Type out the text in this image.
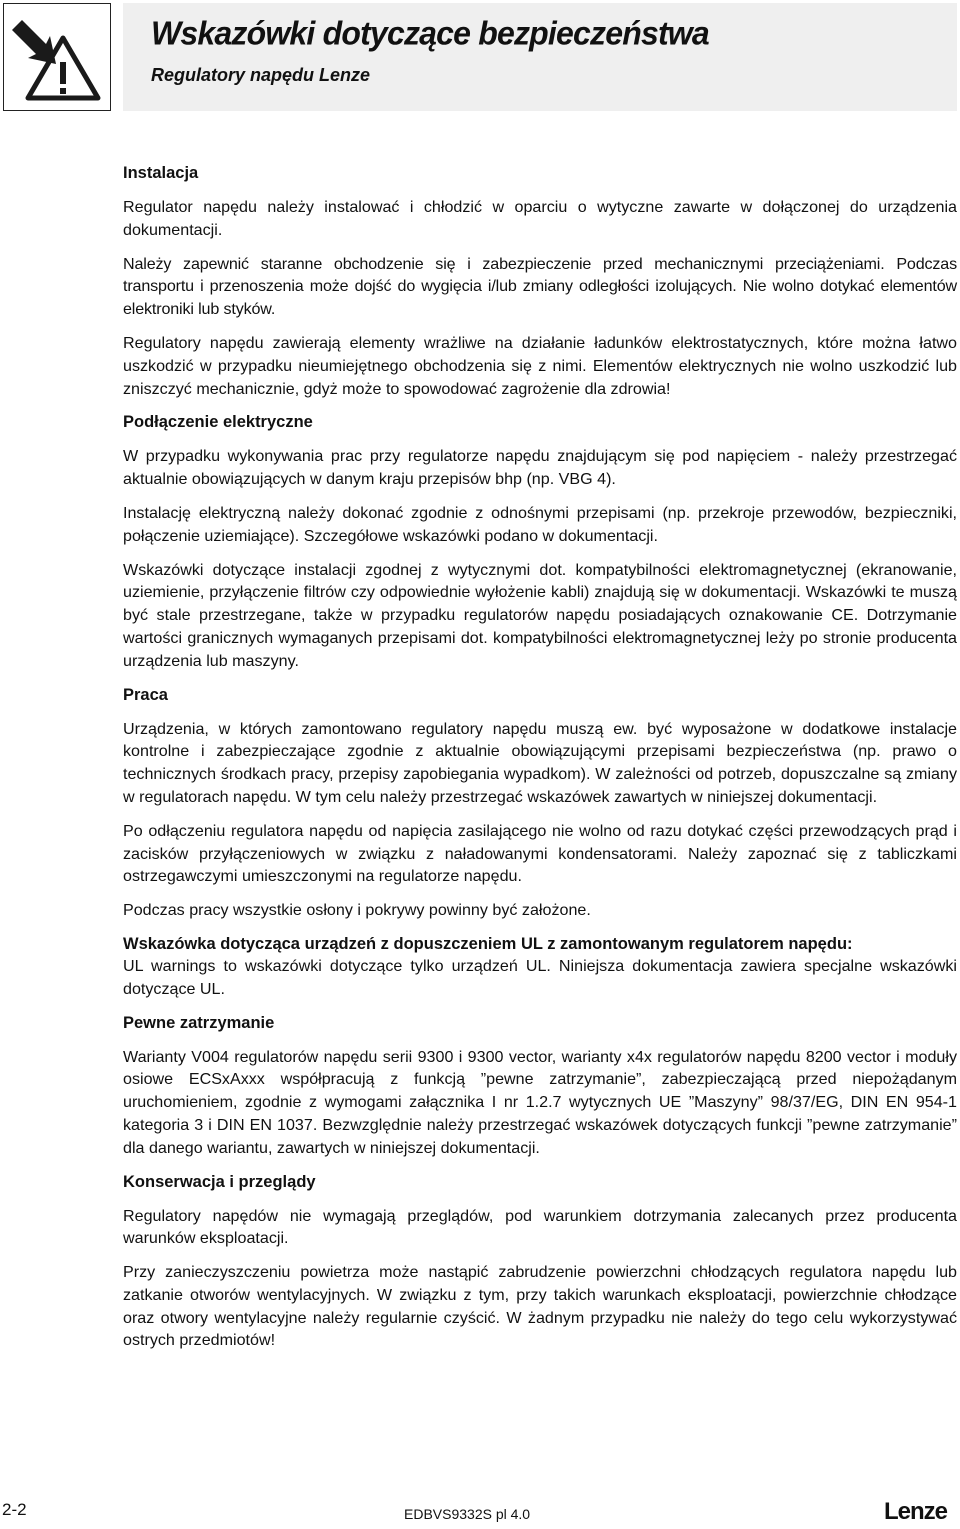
Wskazówki dotyczące bezpieczeństwa
Regulatory napędu Lenze
Instalacja

Regulator napędu należy instalować i chłodzić w oparciu o wytyczne zawarte w dołączonej do urządzenia dokumentacji.

Należy zapewnić staranne obchodzenie się i zabezpieczenie przed mechanicznymi przeciążeniami. Podczas transportu i przenoszenia może dojść do wygięcia i/lub zmiany odległości izolujących. Nie wolno dotykać elementów elektroniki lub styków.

Regulatory napędu zawierają elementy wrażliwe na działanie ładunków elektrostatycznych, które można łatwo uszkodzić w przypadku nieumiejętnego obchodzenia się z nimi. Elementów elektrycznych nie wolno uszkodzić lub zniszczyć mechanicznie, gdyż może to spowodować zagrożenie dla zdrowia!

Podłączenie elektryczne

W przypadku wykonywania prac przy regulatorze napędu znajdującym się pod napięciem - należy przestrzegać aktualnie obowiązujących w danym kraju przepisów bhp (np. VBG 4).

Instalację elektryczną należy dokonać zgodnie z odnośnymi przepisami (np. przekroje przewodów, bezpieczniki, połączenie uziemiające). Szczegółowe wskazówki podano w dokumentacji.

Wskazówki dotyczące instalacji zgodnej z wytycznymi dot. kompatybilności elektromagnetycznej (ekranowanie, uziemienie, przyłączenie filtrów czy odpowiednie wyłożenie kabli) znajdują się w dokumentacji. Wskazówki te muszą być stale przestrzegane, także w przypadku regulatorów napędu posiadających oznakowanie CE. Dotrzymanie wartości granicznych wymaganych przepisami dot. kompatybilności elektromagnetycznej leży po stronie producenta urządzenia lub maszyny.

Praca

Urządzenia, w których zamontowano regulatory napędu muszą ew. być wyposażone w dodatkowe instalacje kontrolne i zabezpieczające zgodnie z aktualnie obowiązującymi przepisami bezpieczeństwa (np. prawo o technicznych środkach pracy, przepisy zapobiegania wypadkom). W zależności od potrzeb, dopuszczalne są zmiany w regulatorach napędu. W tym celu należy przestrzegać wskazówek zawartych w niniejszej dokumentacji.

Po odłączeniu regulatora napędu od napięcia zasilającego nie wolno od razu dotykać części przewodzących prąd i zacisków przyłączeniowych w związku z naładowanymi kondensatorami. Należy zapoznać się z tabliczkami ostrzegawczymi umieszczonymi na regulatorze napędu.

Podczas pracy wszystkie osłony i pokrywy powinny być założone.

Wskazówka dotycząca urządzeń z dopuszczeniem UL z zamontowanym regulatorem napędu:

UL warnings to wskazówki dotyczące tylko urządzeń UL. Niniejsza dokumentacja zawiera specjalne wskazówki dotyczące UL.

Pewne zatrzymanie

Warianty V004 regulatorów napędu serii 9300 i 9300 vector, warianty x4x regulatorów napędu 8200 vector i moduły osiowe ECSxAxxx współpracują z funkcją ”pewne zatrzymanie”, zabezpieczającą przed niepożądanym uruchomieniem, zgodnie z wymogami załącznika I nr 1.2.7 wytycznych UE ”Maszyny” 98/37/EG, DIN EN 954-1 kategoria 3 i DIN EN 1037. Bezwzględnie należy przestrzegać wskazówek dotyczących funkcji ”pewne zatrzymanie” dla danego wariantu, zawartych w niniejszej dokumentacji.

Konserwacja i przeglądy

Regulatory napędów nie wymagają przeglądów, pod warunkiem dotrzymania zalecanych przez producenta warunków eksploatacji.

Przy zanieczyszczeniu powietrza może nastąpić zabrudzenie powierzchni chłodzących regulatora napędu lub zatkanie otworów wentylacyjnych. W związku z tym, przy takich warunkach eksploatacji, powierzchnie chłodzące oraz otwory wentylacyjne należy regularnie czyścić. W żadnym przypadku nie należy do tego celu wykorzystywać ostrych przedmiotów!

2-2	EDBVS9332S pl 4.0	Lenze
